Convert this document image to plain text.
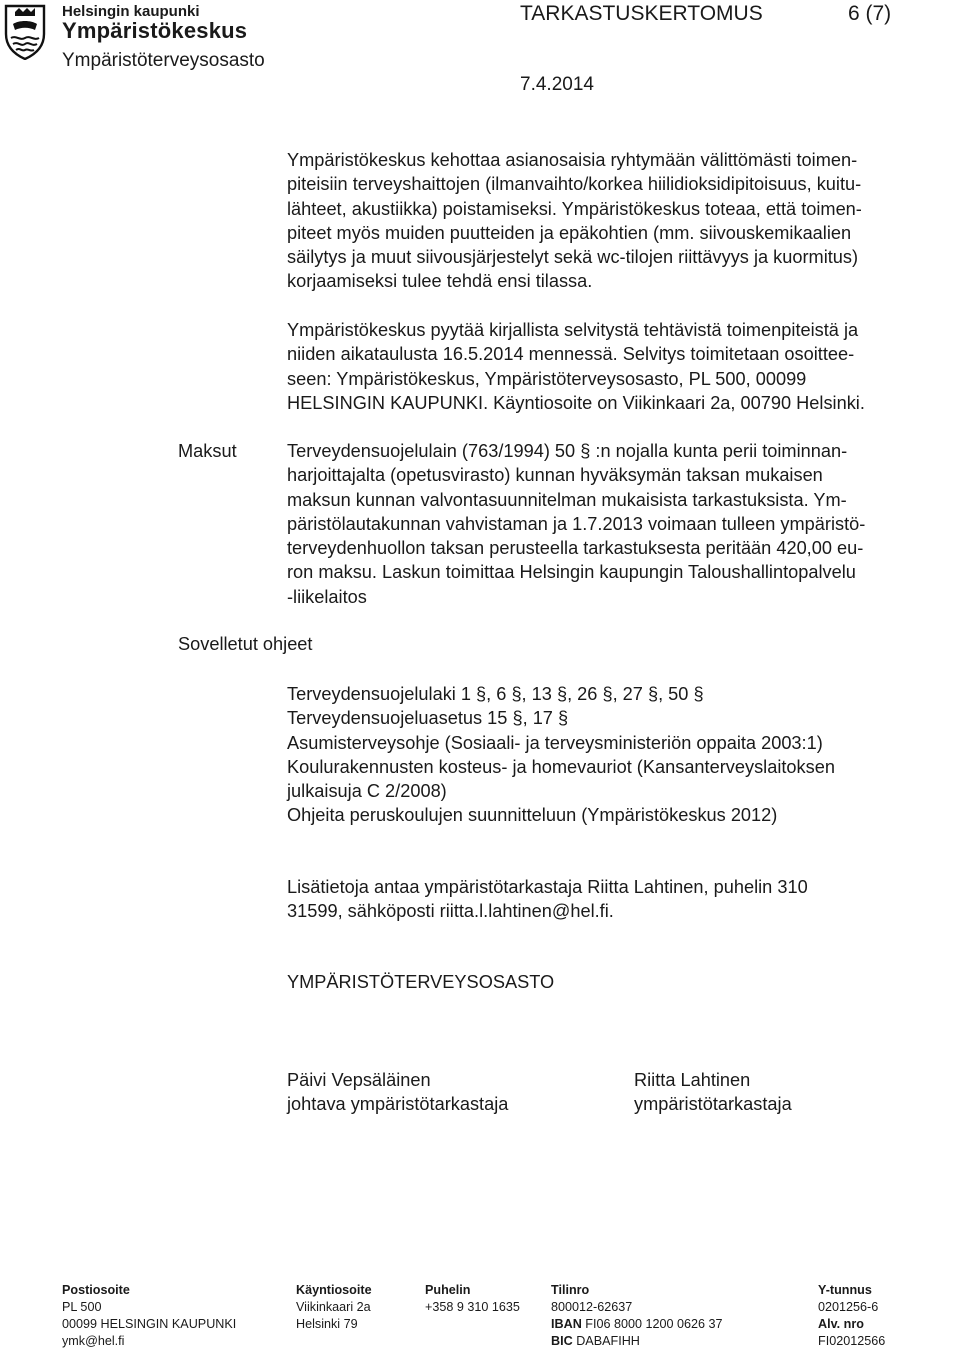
Helsingin kaupunki
Ympäristökeskus
Ympäristöterveysosasto
TARKASTUSKERTOMUS	6 (7)
7.4.2014
Ympäristökeskus kehottaa asianosaisia ryhtymään välittömästi toimen-
piteisiin terveyshaittojen (ilmanvaihto/korkea hiilidioksidipitoisuus, kuitu-
lähteet, akustiikka) poistamiseksi. Ympäristökeskus toteaa, että toimen-
piteet myös muiden puutteiden ja epäkohtien (mm. siivouskemikaalien
säilytys ja muut siivousjärjestelyt sekä wc-tilojen riittävyys ja kuormitus)
korjaamiseksi tulee tehdä ensi tilassa.
Ympäristökeskus pyytää kirjallista selvitystä tehtävistä toimenpiteistä ja
niiden aikataulusta 16.5.2014 mennessä. Selvitys toimitetaan osoittee-
seen: Ympäristökeskus, Ympäristöterveysosasto, PL 500, 00099
HELSINGIN KAUPUNKI. Käyntiosoite on Viikinkaari 2a, 00790 Helsinki.
Maksut	Terveydensuojelulain (763/1994) 50 § :n nojalla kunta perii toiminnan-
harjoittajalta (opetusvirasto) kunnan hyväksymän taksan mukaisen
maksun kunnan valvontasuunnitelman mukaisista tarkastuksista. Ym-
päristölautakunnan vahvistaman ja 1.7.2013 voimaan tulleen ympäristö-
terveydenhuollon taksan perusteella tarkastuksesta peritään 420,00 eu-
ron maksu. Laskun toimittaa Helsingin kaupungin Taloushallintopalvelu
-liikelaitos
Sovelletut ohjeet
Terveydensuojelulaki 1 §, 6 §, 13 §, 26 §, 27 §, 50 §
Terveydensuojeluasetus 15 §, 17 §
Asumisterveysohje (Sosiaali- ja terveysministeriön oppaita 2003:1)
Koulurakennusten kosteus- ja homevauriot (Kansanterveyslaitoksen
julkaisuja C 2/2008)
Ohjeita peruskoulujen suunnitteluun (Ympäristökeskus 2012)
Lisätietoja antaa ympäristötarkastaja Riitta Lahtinen, puhelin 310
31599, sähköposti riitta.l.lahtinen@hel.fi.
YMPÄRISTÖTERVEYSOSASTO
Päivi Vepsäläinen
johtava ympäristötarkastaja
Riitta Lahtinen
ympäristötarkastaja
Postiosoite
PL 500
00099 HELSINGIN KAUPUNKI
ymk@hel.fi
Käyntiosoite
Viikinkaari 2a
Helsinki 79
Puhelin
+358 9 310 1635
Tilinro
800012-62637
IBAN FI06 8000 1200 0626 37
BIC DABAFIHH
Y-tunnus
0201256-6
Alv. nro
FI02012566
